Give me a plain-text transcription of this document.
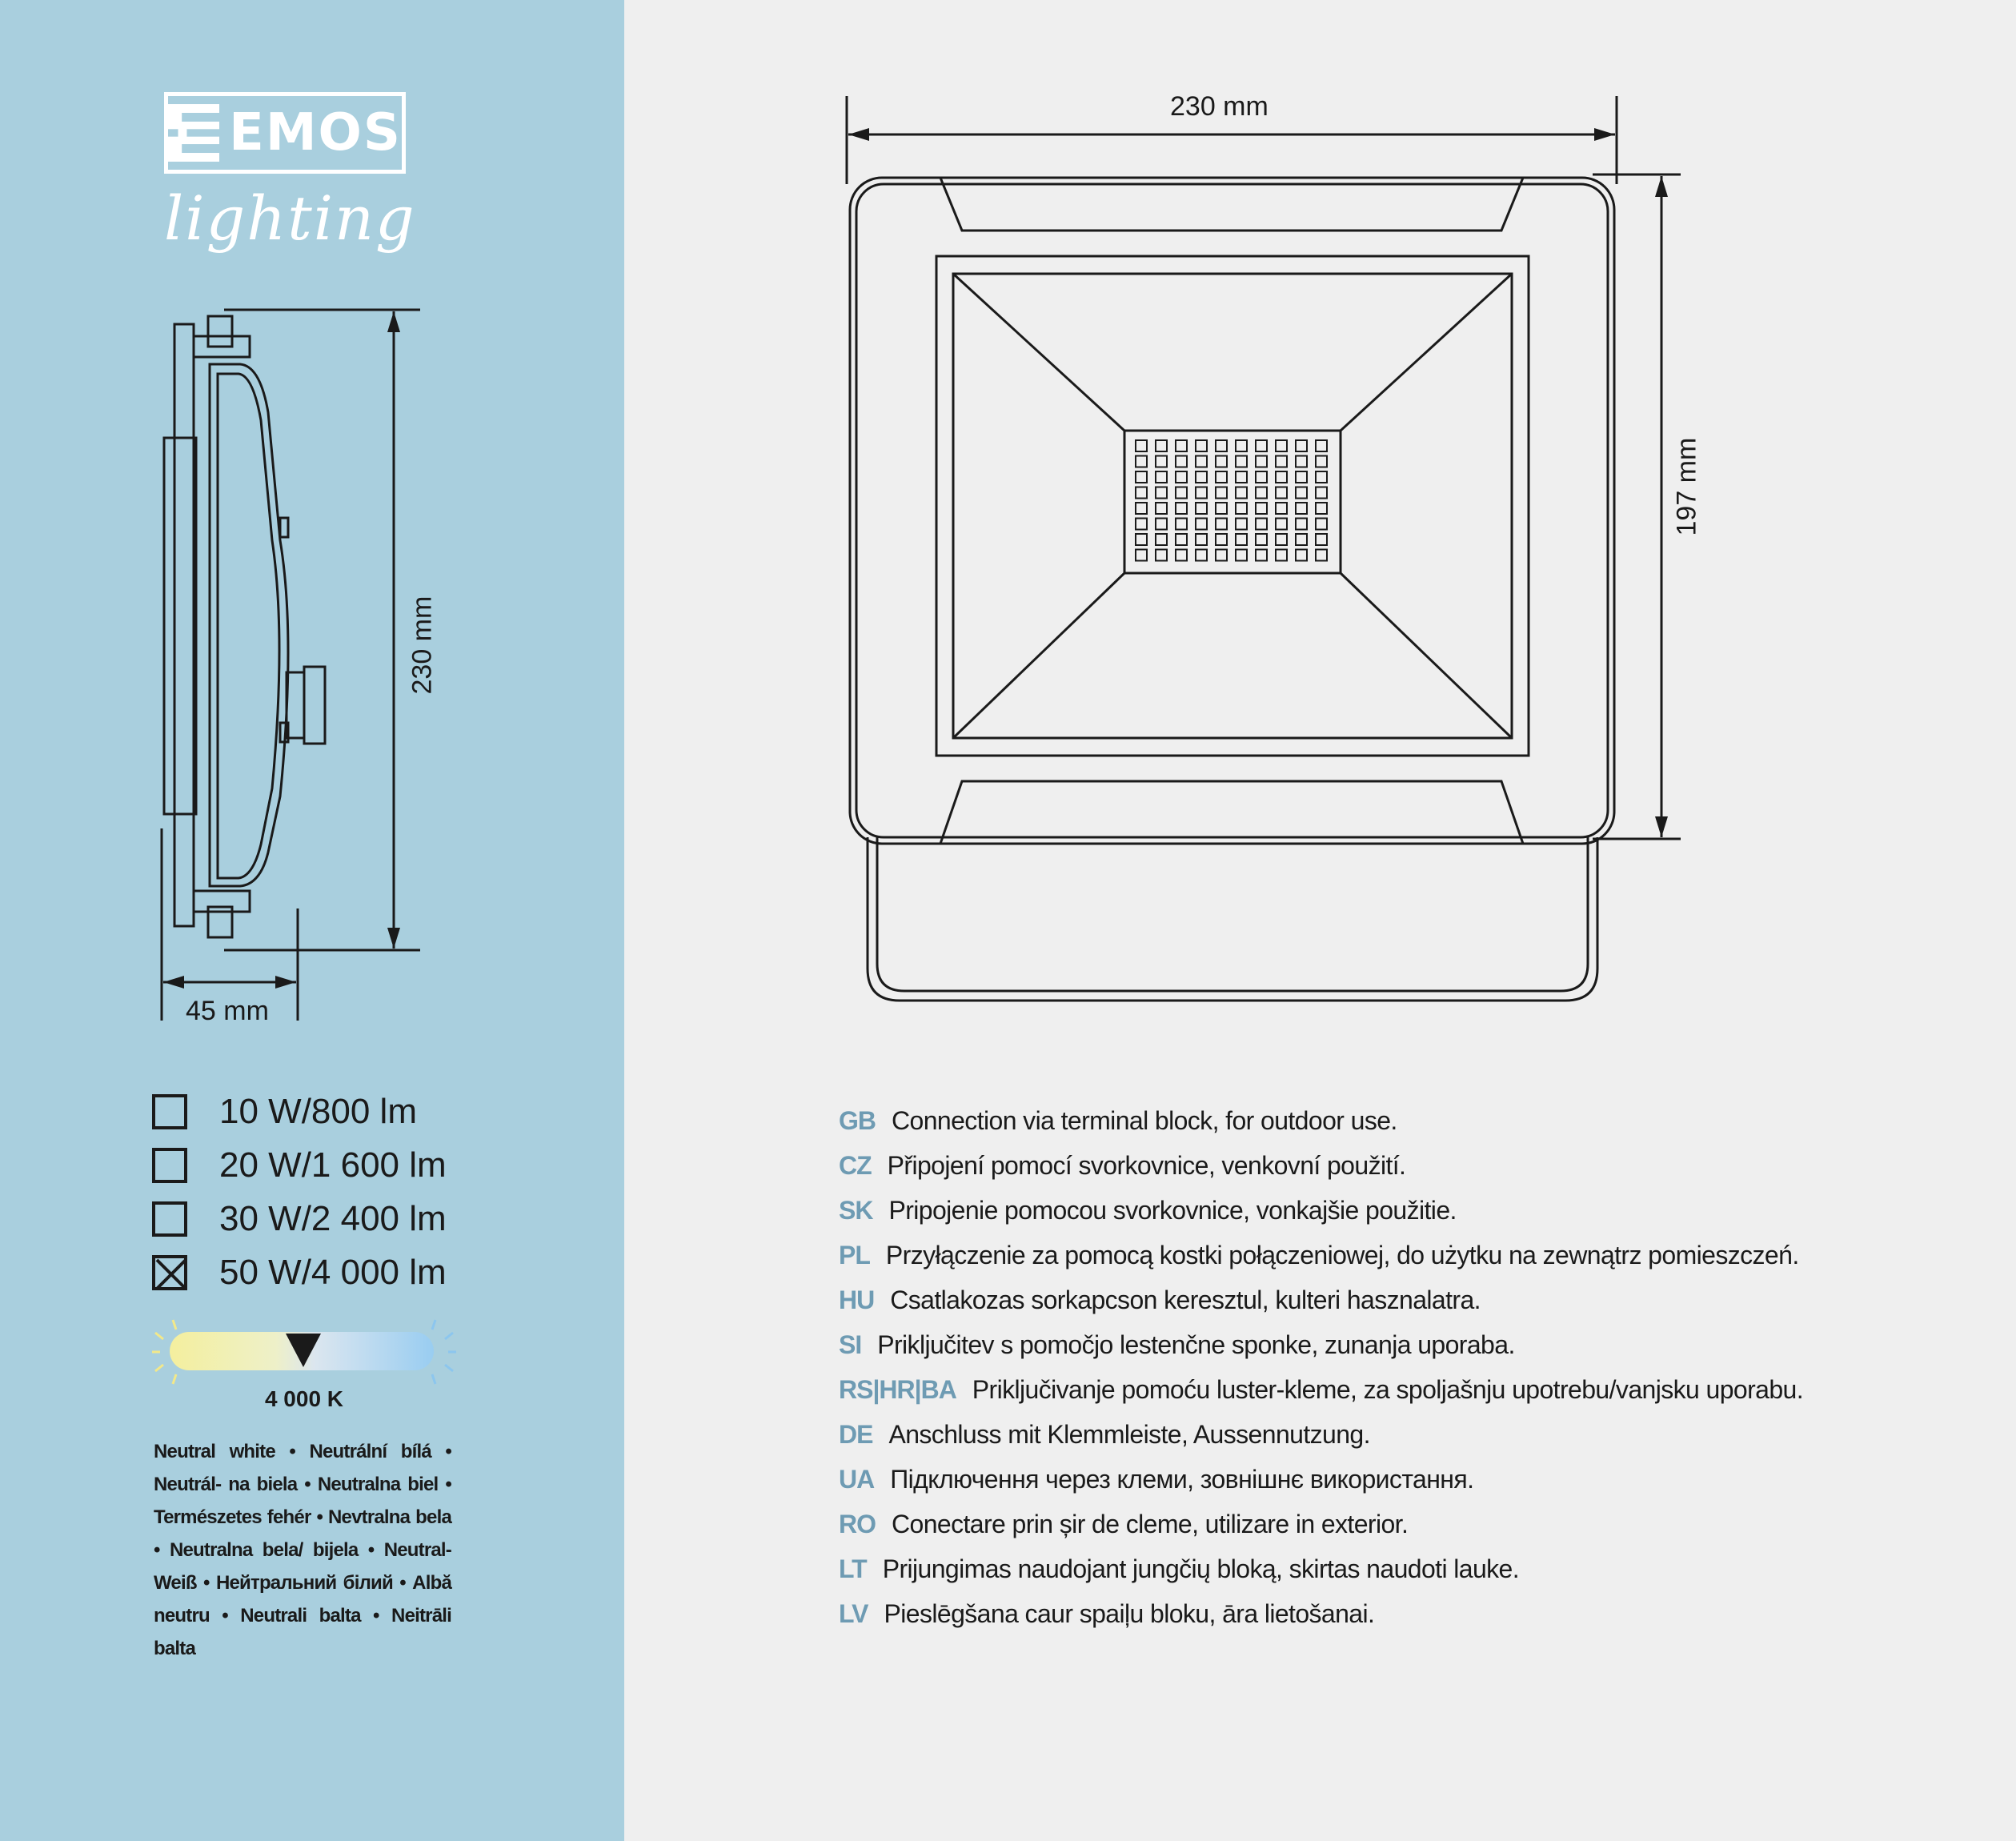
EMOS
lighting
230 mm
45 mm
10 W/800 lm
20 W/1 600 lm
30 W/2 400 lm
50 W/4 000 lm
4 000 K
Neutral white • Neutrální bílá • Neutrál- na biela • Neutralna biel • Természetes fehér • Nevtralna bela • Neutralna bela/ bijela • Neutral-Weiß • Нейтральний білий • Albă neutru • Neutrali balta • Neitrāli balta
230 mm
197 mm
GB Connection via terminal block, for outdoor use.
CZ Připojení pomocí svorkovnice, venkovní použití.
SK Pripojenie pomocou svorkovnice, vonkajšie použitie.
PL Przyłączenie za pomocą kostki połączeniowej, do użytku na zewnątrz pomieszczeń.
HU Csatlakozas sorkapcson keresztul, kulteri hasznalatra.
SI Priključitev s pomočjo lestenčne sponke, zunanja uporaba.
RS|HR|BA Priključivanje pomoću luster-kleme, za spoljašnju upotrebu/vanjsku uporabu.
DE Anschluss mit Klemmleiste, Aussennutzung.
UA Підключення через клеми, зовнішнє використання.
RO Conectare prin șir de cleme, utilizare in exterior.
LT Prijungimas naudojant jungčių bloką, skirtas naudoti lauke.
LV Pieslēgšana caur spaiļu bloku, āra lietošanai.
